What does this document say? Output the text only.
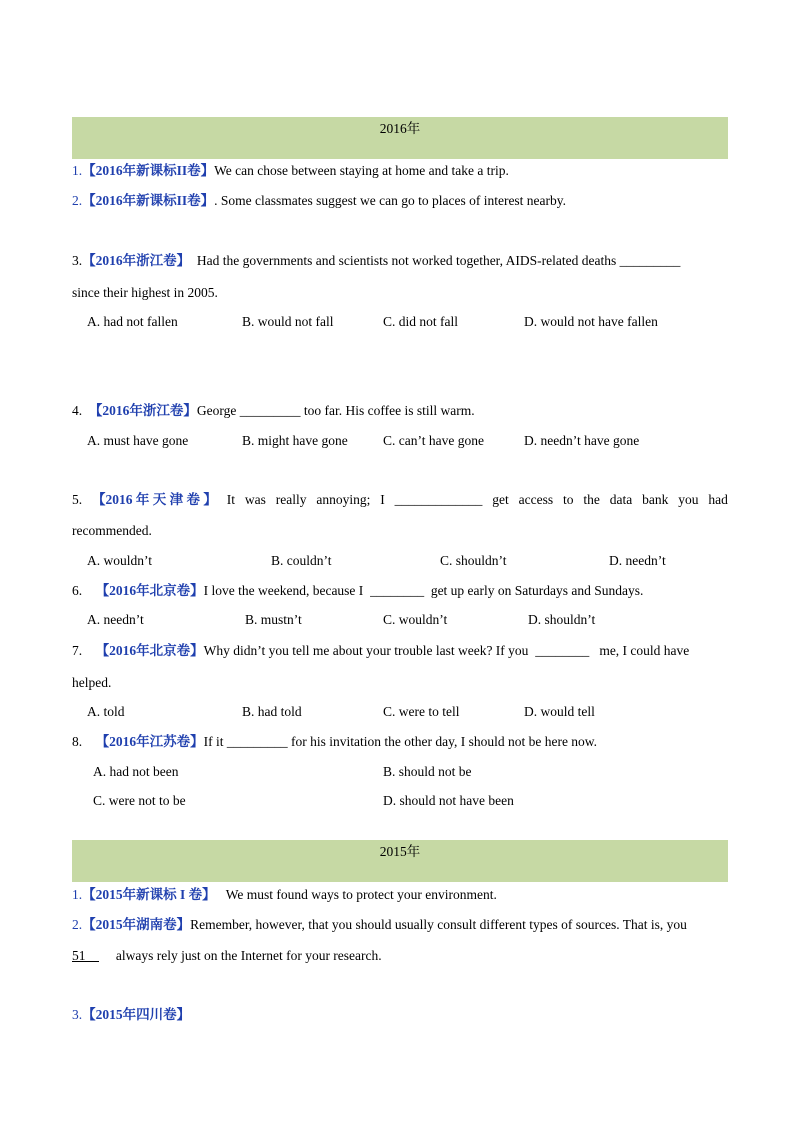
2016年
1.【2016年新课标II卷】We can chose between staying at home and take a trip.
2.【2016年新课标II卷】. Some classmates suggest we can go to places of interest nearby.
3.【2016年浙江卷】 Had the governments and scientists not worked together, AIDS-related deaths _________
since their highest in 2005.
A. had not fallen	B. would not fall	C. did not fall	D. would not have fallen
4. 【2016年浙江卷】George _________ too far. His coffee is still warm.
A. must have gone	B. might have gone	C. can’t have gone	D. needn’t have gone
5. 【2016 年 天 津 卷 】 It was really annoying; I _____________ get access to the data bank you had
recommended.
A. wouldn’t	B. couldn’t	C. shouldn’t	D. needn’t
6. 【2016年北京卷】I love the weekend, because I ________ get up early on Saturdays and Sundays.
A. needn’t	B. mustn’t	C. wouldn’t	D. shouldn’t
7. 【2016年北京卷】Why didn’t you tell me about your trouble last week? If you ________ me, I could have
helped.
A. told	B. had told	C. were to tell	D. would tell
8. 【2016年江苏卷】If it _________ for his invitation the other day, I should not be here now.
A. had not been	B. should not be
C. were not to be	D. should not have been
2015年
1.【2015年新课标 I 卷】 We must found ways to protect your environment.
2.【2015年湖南卷】Remember, however, that you should usually consult different types of sources. That is, you
51 always rely just on the Internet for your research.
3.【2015年四川卷】
